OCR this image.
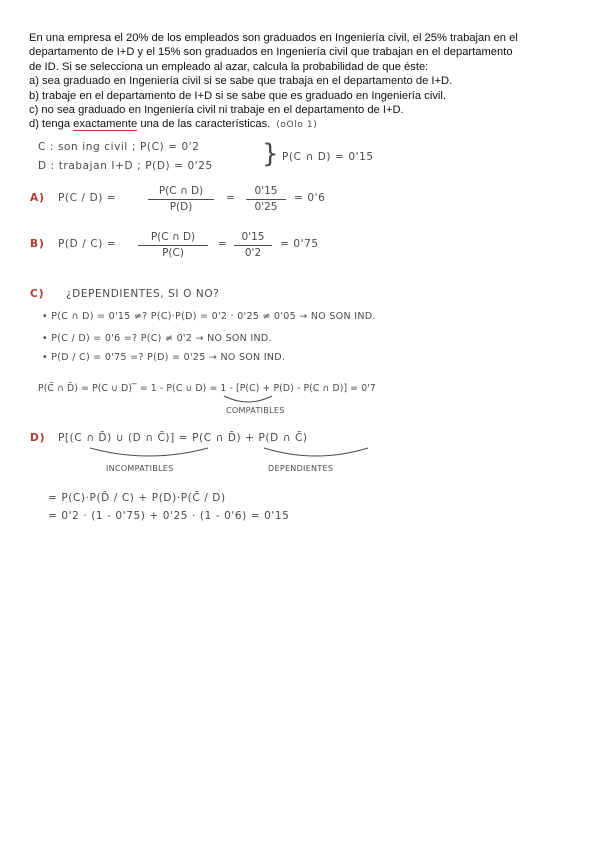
En una empresa el 20% de los empleados son graduados en Ingeniería civil, el 25% trabajan en el

departamento de I+D y el 15% son graduados en Ingeniería civil que trabajan en el departamento

de ID. Si se selecciona un empleado al azar, calcula la probabilidad de que éste:

a) sea graduado en Ingeniería civil si se sabe que trabaja en el departamento de I+D.

b) trabaje en el departamento de I+D si se sabe que es graduado en Ingeniería civil.

c) no sea graduado en Ingeniería civil ni trabaje en el departamento de I+D.

d) tenga exactamente una de las características. (oOlo 1)

C : son ing civil ; P(C) = 0'2
D : trabajan I+D ; P(D) = 0'25 } P(C ∩ D) = 0'15
A) P(C / D) =
P(C ∩ D)
P(D)
=
0'15
0'25
= 0'6
B) P(D / C) =
P(C ∩ D)
P(C)
=
0'15
0'2
= 0'75
C) ¿DEPENDIENTES, SI O NO?
• P(C ∩ D) = 0'15 ≠? P(C)·P(D) = 0'2 · 0'25 ≠ 0'05 → NO SON IND.
• P(C / D) = 0'6 =? P(C) ≠ 0'2 → NO SON IND.
• P(D / C) = 0'75 =? P(D) = 0'25 → NO SON IND.
P(C̄ ∩ D̄) = P(C ∪ D)‾ = 1 - P(C ∪ D) = 1 - [P(C) + P(D) - P(C ∩ D)] = 0'7
COMPATIBLES
D) P[(C ∩ D̄) ∪ (D ∩ C̄)] = P(C ∩ D̄) + P(D ∩ C̄)
INCOMPATIBLES	DEPENDIENTES
= P(C)·P(D̄ / C) + P(D)·P(C̄ / D)
= 0'2 · (1 - 0'75) + 0'25 · (1 - 0'6) = 0'15
